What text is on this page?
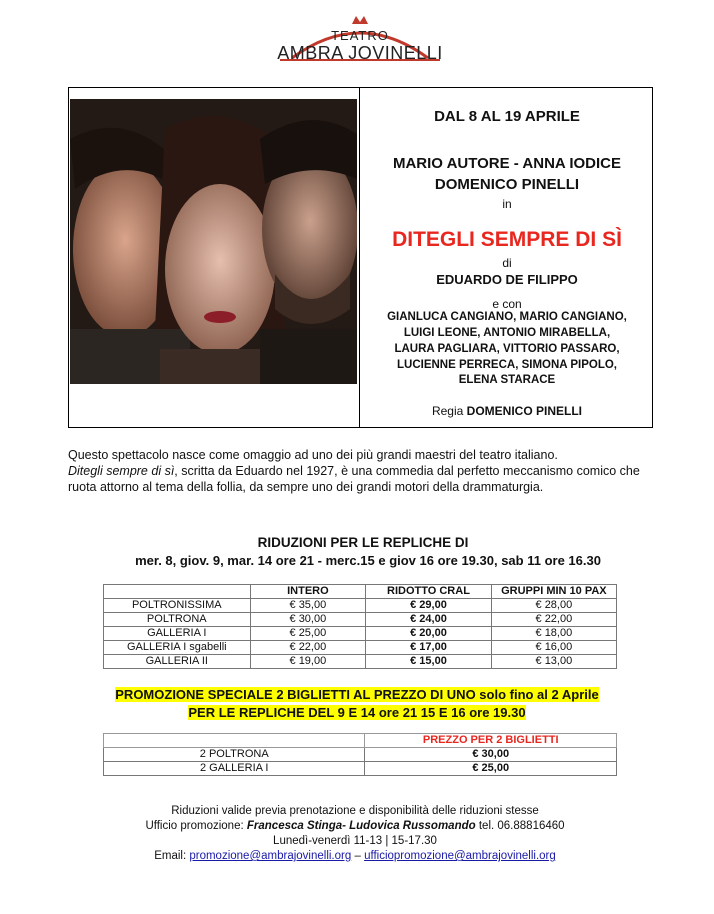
TEATRO
AMBRA JOVINELLI
DAL 8 AL 19 APRILE
MARIO AUTORE - ANNA IODICE
DOMENICO PINELLI
in
DITEGLI SEMPRE DI SÌ
di
EDUARDO DE FILIPPO
e con
GIANLUCA CANGIANO, MARIO CANGIANO,
LUIGI LEONE, ANTONIO MIRABELLA,
LAURA PAGLIARA, VITTORIO PASSARO,
LUCIENNE PERRECA, SIMONA PIPOLO,
ELENA STARACE
Regia DOMENICO PINELLI
Questo spettacolo nasce come omaggio ad uno dei più grandi maestri del teatro italiano.
Ditegli sempre di sì, scritta da Eduardo nel 1927, è una commedia dal perfetto meccanismo comico che ruota attorno al tema della follia, da sempre uno dei grandi motori della drammaturgia.
RIDUZIONI PER LE REPLICHE DI
mer. 8, giov. 9, mar. 14 ore 21 - merc.15 e giov 16 ore 19.30, sab 11 ore 16.30
	INTERO	RIDOTTO CRAL	GRUPPI MIN 10 PAX
POLTRONISSIMA	€ 35,00	€ 29,00	€ 28,00
POLTRONA	€ 30,00	€ 24,00	€ 22,00
GALLERIA I	€ 25,00	€ 20,00	€ 18,00
GALLERIA I sgabelli	€ 22,00	€ 17,00	€ 16,00
GALLERIA II	€ 19,00	€ 15,00	€ 13,00
PROMOZIONE SPECIALE 2 BIGLIETTI AL PREZZO DI UNO solo fino al 2 Aprile
PER LE REPLICHE DEL 9 E 14 ore 21 15 E 16 ore 19.30
	PREZZO PER 2 BIGLIETTI
2 POLTRONA	€ 30,00
2 GALLERIA I	€ 25,00
Riduzioni valide previa prenotazione e disponibilità delle riduzioni stesse
Ufficio promozione: Francesca Stinga- Ludovica Russomando tel. 06.88816460
Lunedì-venerdì 11-13 | 15-17.30
Email: promozione@ambrajovinelli.org – ufficiopromozione@ambrajovinelli.org
